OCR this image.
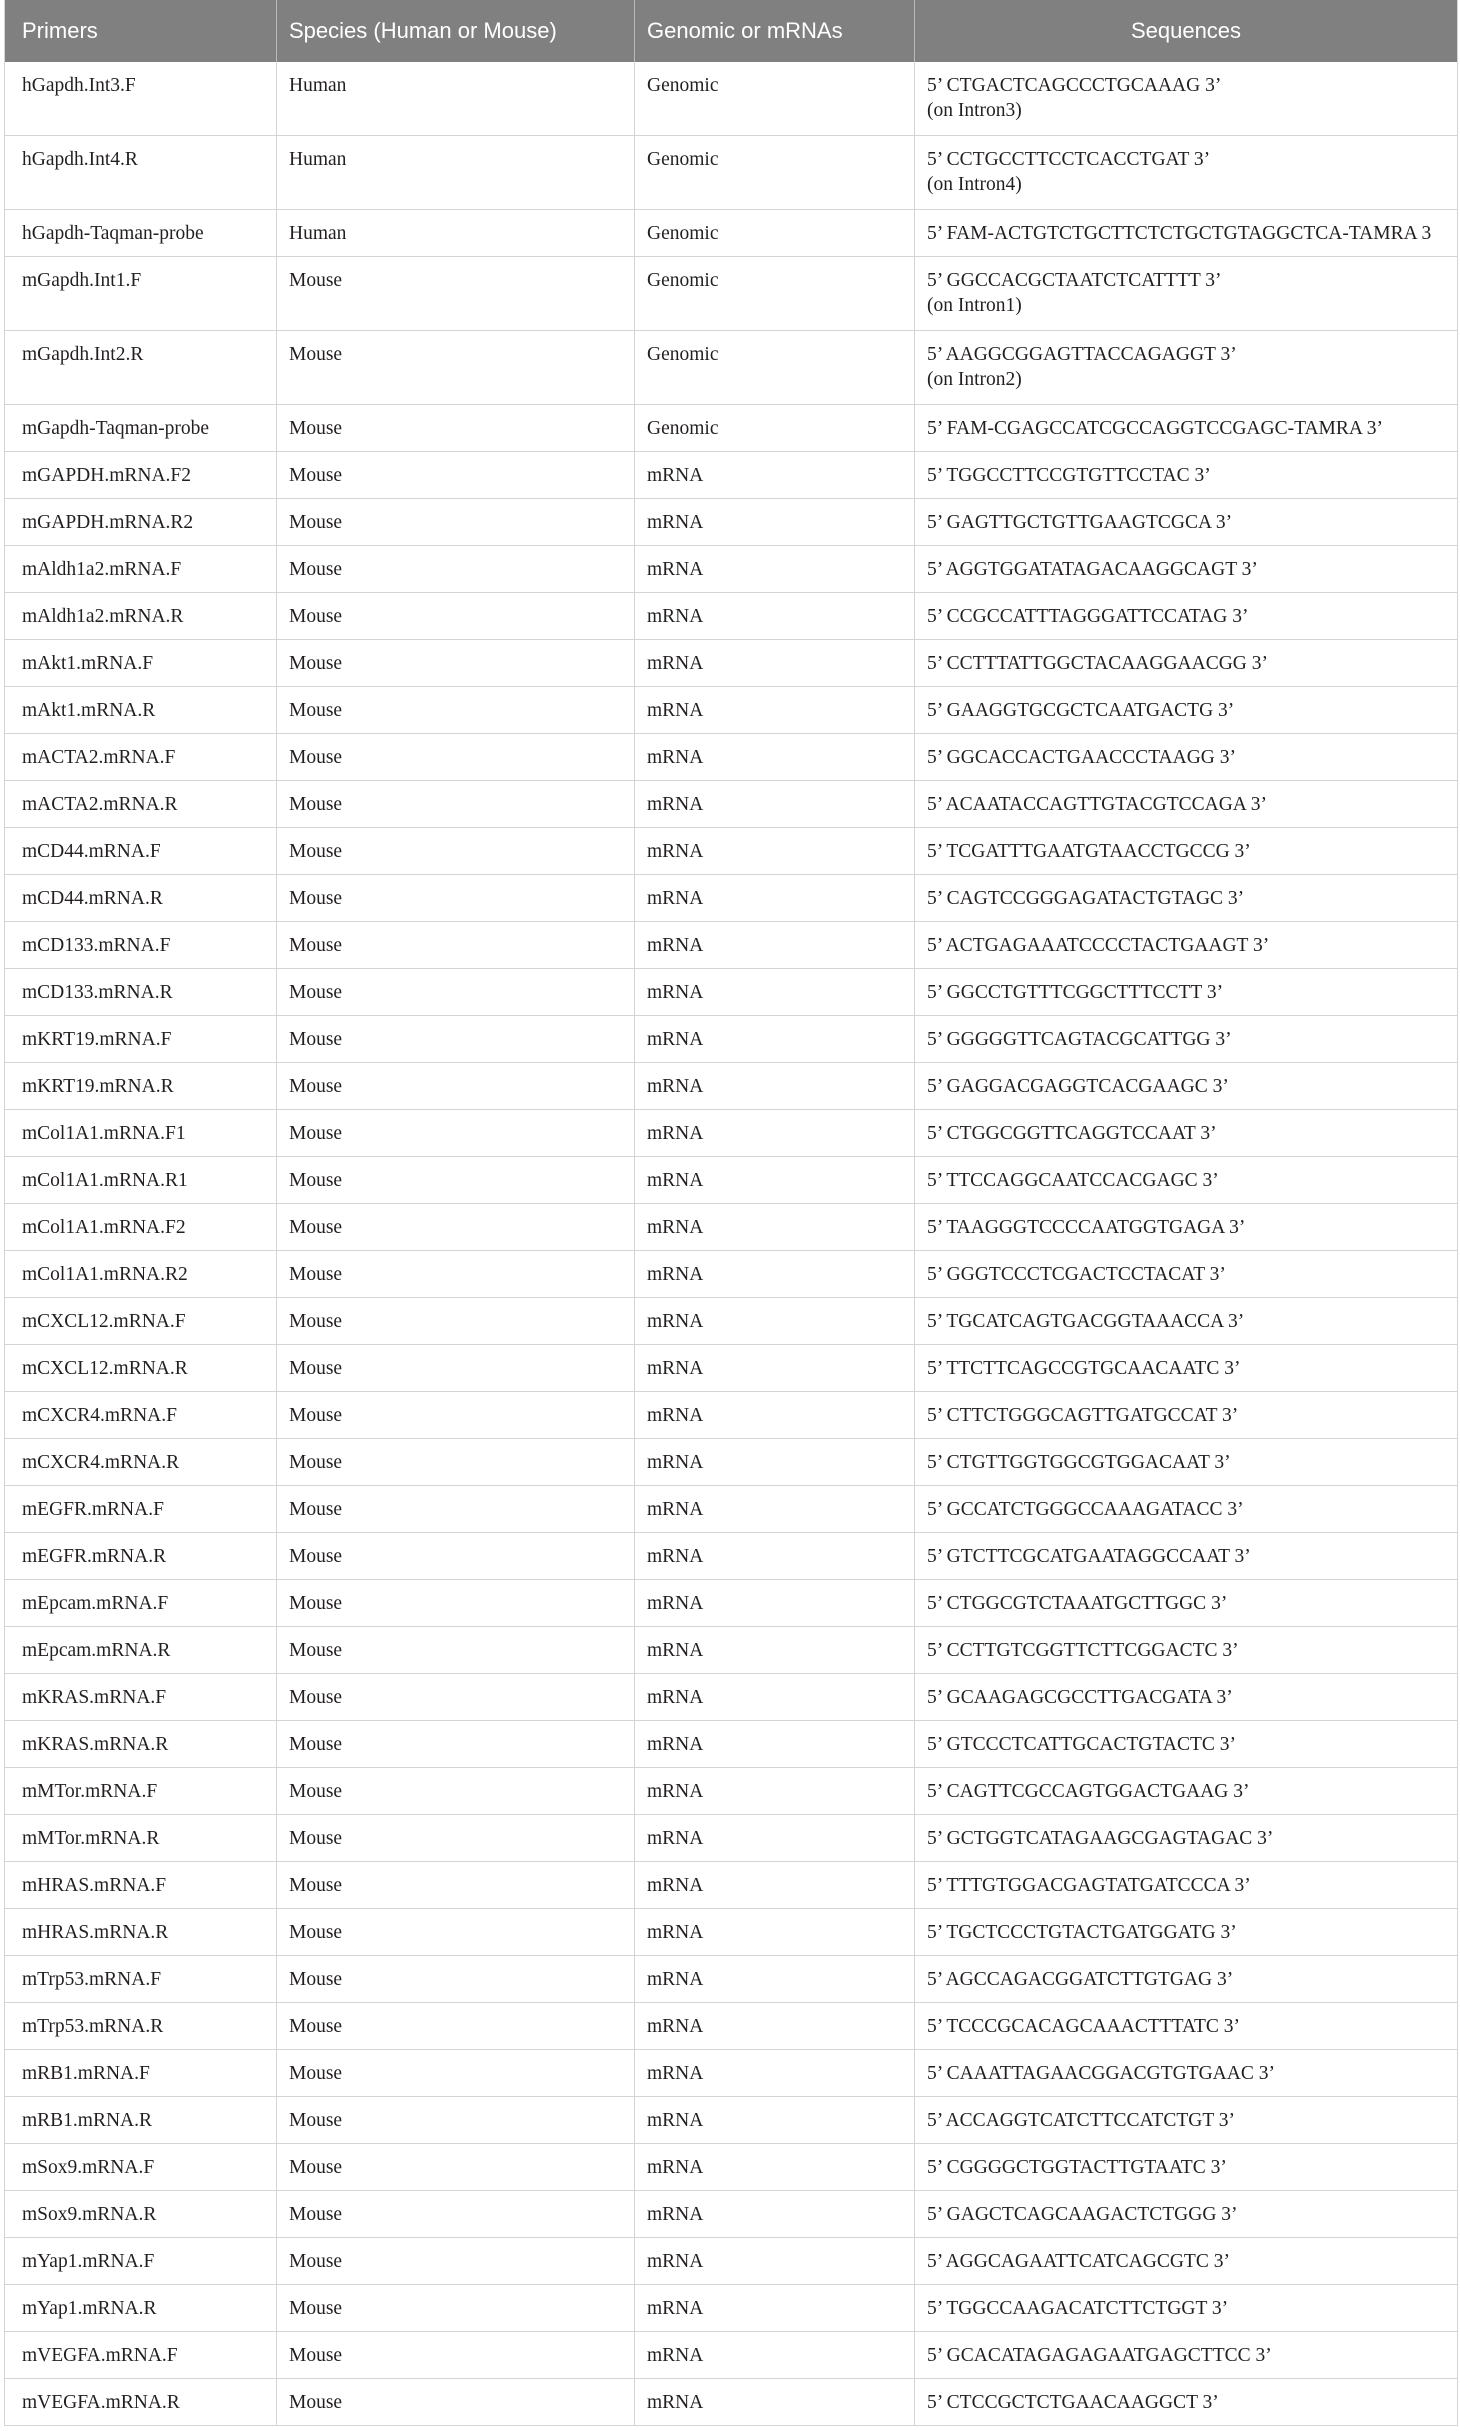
Primers	Species (Human or Mouse)	Genomic or mRNAs	Sequences
hGapdh.Int3.F	Human	Genomic	5’ CTGACTCAGCCCTGCAAAG 3’
(on Intron3)
hGapdh.Int4.R	Human	Genomic	5’ CCTGCCTTCCTCACCTGAT 3’
(on Intron4)
hGapdh-Taqman-probe	Human	Genomic	5’ FAM-ACTGTCTGCTTCTCTGCTGTAGGCTCA-TAMRA 3
mGapdh.Int1.F	Mouse	Genomic	5’ GGCCACGCTAATCTCATTTT 3’
(on Intron1)
mGapdh.Int2.R	Mouse	Genomic	5’ AAGGCGGAGTTACCAGAGGT 3’
(on Intron2)
mGapdh-Taqman-probe	Mouse	Genomic	5’ FAM-CGAGCCATCGCCAGGTCCGAGC-TAMRA 3’
mGAPDH.mRNA.F2	Mouse	mRNA	5’ TGGCCTTCCGTGTTCCTAC 3’
mGAPDH.mRNA.R2	Mouse	mRNA	5’ GAGTTGCTGTTGAAGTCGCA 3’
mAldh1a2.mRNA.F	Mouse	mRNA	5’ AGGTGGATATAGACAAGGCAGT 3’
mAldh1a2.mRNA.R	Mouse	mRNA	5’ CCGCCATTTAGGGATTCCATAG 3’
mAkt1.mRNA.F	Mouse	mRNA	5’ CCTTTATTGGCTACAAGGAACGG 3’
mAkt1.mRNA.R	Mouse	mRNA	5’ GAAGGTGCGCTCAATGACTG 3’
mACTA2.mRNA.F	Mouse	mRNA	5’ GGCACCACTGAACCCTAAGG 3’
mACTA2.mRNA.R	Mouse	mRNA	5’ ACAATACCAGTTGTACGTCCAGA 3’
mCD44.mRNA.F	Mouse	mRNA	5’ TCGATTTGAATGTAACCTGCCG 3’
mCD44.mRNA.R	Mouse	mRNA	5’ CAGTCCGGGAGATACTGTAGC 3’
mCD133.mRNA.F	Mouse	mRNA	5’ ACTGAGAAATCCCCTACTGAAGT 3’
mCD133.mRNA.R	Mouse	mRNA	5’ GGCCTGTTTCGGCTTTCCTT 3’
mKRT19.mRNA.F	Mouse	mRNA	5’ GGGGGTTCAGTACGCATTGG 3’
mKRT19.mRNA.R	Mouse	mRNA	5’ GAGGACGAGGTCACGAAGC 3’
mCol1A1.mRNA.F1	Mouse	mRNA	5’ CTGGCGGTTCAGGTCCAAT 3’
mCol1A1.mRNA.R1	Mouse	mRNA	5’ TTCCAGGCAATCCACGAGC 3’
mCol1A1.mRNA.F2	Mouse	mRNA	5’ TAAGGGTCCCCAATGGTGAGA 3’
mCol1A1.mRNA.R2	Mouse	mRNA	5’ GGGTCCCTCGACTCCTACAT 3’
mCXCL12.mRNA.F	Mouse	mRNA	5’ TGCATCAGTGACGGTAAACCA 3’
mCXCL12.mRNA.R	Mouse	mRNA	5’ TTCTTCAGCCGTGCAACAATC 3’
mCXCR4.mRNA.F	Mouse	mRNA	5’ CTTCTGGGCAGTTGATGCCAT 3’
mCXCR4.mRNA.R	Mouse	mRNA	5’ CTGTTGGTGGCGTGGACAAT 3’
mEGFR.mRNA.F	Mouse	mRNA	5’ GCCATCTGGGCCAAAGATACC 3’
mEGFR.mRNA.R	Mouse	mRNA	5’ GTCTTCGCATGAATAGGCCAAT 3’
mEpcam.mRNA.F	Mouse	mRNA	5’ CTGGCGTCTAAATGCTTGGC 3’
mEpcam.mRNA.R	Mouse	mRNA	5’ CCTTGTCGGTTCTTCGGACTC 3’
mKRAS.mRNA.F	Mouse	mRNA	5’ GCAAGAGCGCCTTGACGATA 3’
mKRAS.mRNA.R	Mouse	mRNA	5’ GTCCCTCATTGCACTGTACTC 3’
mMTor.mRNA.F	Mouse	mRNA	5’ CAGTTCGCCAGTGGACTGAAG 3’
mMTor.mRNA.R	Mouse	mRNA	5’ GCTGGTCATAGAAGCGAGTAGAC 3’
mHRAS.mRNA.F	Mouse	mRNA	5’ TTTGTGGACGAGTATGATCCCA 3’
mHRAS.mRNA.R	Mouse	mRNA	5’ TGCTCCCTGTACTGATGGATG 3’
mTrp53.mRNA.F	Mouse	mRNA	5’ AGCCAGACGGATCTTGTGAG 3’
mTrp53.mRNA.R	Mouse	mRNA	5’ TCCCGCACAGCAAACTTTATC 3’
mRB1.mRNA.F	Mouse	mRNA	5’ CAAATTAGAACGGACGTGTGAAC 3’
mRB1.mRNA.R	Mouse	mRNA	5’ ACCAGGTCATCTTCCATCTGT 3’
mSox9.mRNA.F	Mouse	mRNA	5’ CGGGGCTGGTACTTGTAATC 3’
mSox9.mRNA.R	Mouse	mRNA	5’ GAGCTCAGCAAGACTCTGGG 3’
mYap1.mRNA.F	Mouse	mRNA	5’ AGGCAGAATTCATCAGCGTC 3’
mYap1.mRNA.R	Mouse	mRNA	5’ TGGCCAAGACATCTTCTGGT 3’
mVEGFA.mRNA.F	Mouse	mRNA	5’ GCACATAGAGAGAATGAGCTTCC 3’
mVEGFA.mRNA.R	Mouse	mRNA	5’ CTCCGCTCTGAACAAGGCT 3’
